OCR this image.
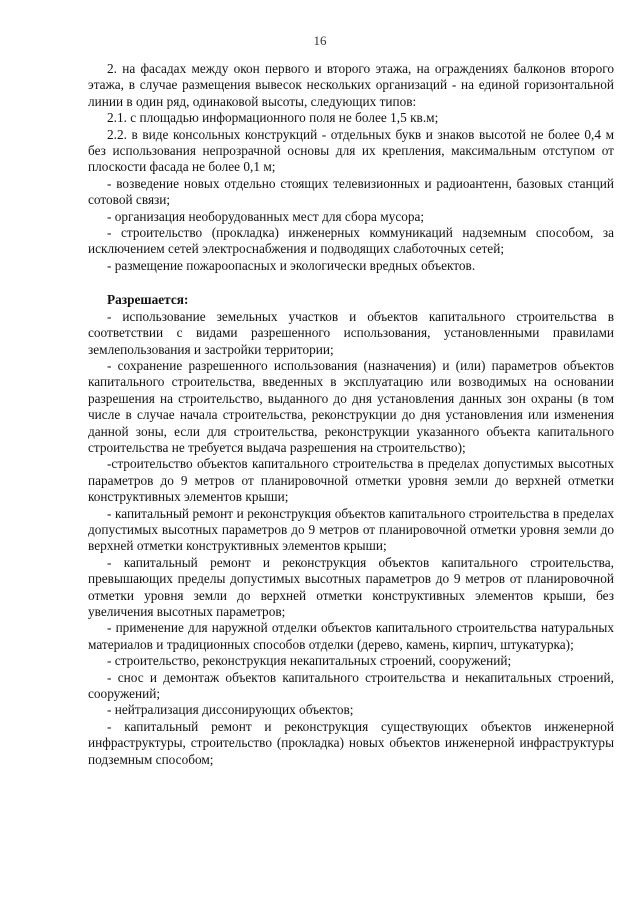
16

2. на фасадах между окон первого и второго этажа, на ограждениях балконов второго этажа, в случае размещения вывесок нескольких организаций - на единой горизонтальной линии в один ряд, одинаковой высоты, следующих типов:

2.1. с площадью информационного поля не более 1,5 кв.м;

2.2. в виде консольных конструкций - отдельных букв и знаков высотой не более 0,4 м без использования непрозрачной основы для их крепления, максимальным отступом от плоскости фасада не более 0,1 м;

- возведение новых отдельно стоящих телевизионных и радиоантенн, базовых станций сотовой связи;

- организация необорудованных мест для сбора мусора;

- строительство (прокладка) инженерных коммуникаций надземным способом, за исключением сетей электроснабжения и подводящих слаботочных сетей;

- размещение пожароопасных и экологически вредных объектов.

Разрешается:

- использование земельных участков и объектов капитального строительства в соответствии с видами разрешенного использования, установленными правилами землепользования и застройки территории;

- сохранение разрешенного использования (назначения) и (или) параметров объектов капитального строительства, введенных в эксплуатацию или возводимых на основании разрешения на строительство, выданного до дня установления данных зон охраны (в том числе в случае начала строительства, реконструкции до дня установления или изменения данной зоны, если для строительства, реконструкции указанного объекта капитального строительства не требуется выдача разрешения на строительство);

-строительство объектов капитального строительства в пределах допустимых высотных параметров до 9 метров от планировочной отметки уровня земли до верхней отметки конструктивных элементов крыши;

- капитальный ремонт и реконструкция объектов капитального строительства в пределах допустимых высотных параметров до 9 метров от планировочной отметки уровня земли до верхней отметки конструктивных элементов крыши;

- капитальный ремонт и реконструкция объектов капитального строительства, превышающих пределы допустимых высотных параметров до 9 метров от планировочной отметки уровня земли до верхней отметки конструктивных элементов крыши, без увеличения высотных параметров;

- применение для наружной отделки объектов капитального строительства натуральных материалов и традиционных способов отделки (дерево, камень, кирпич, штукатурка);

- строительство, реконструкция некапитальных строений, сооружений;

- снос и демонтаж объектов капитального строительства и некапитальных строений, сооружений;

- нейтрализация диссонирующих объектов;

- капитальный ремонт и реконструкция существующих объектов инженерной инфраструктуры, строительство (прокладка) новых объектов инженерной инфраструктуры подземным способом;
